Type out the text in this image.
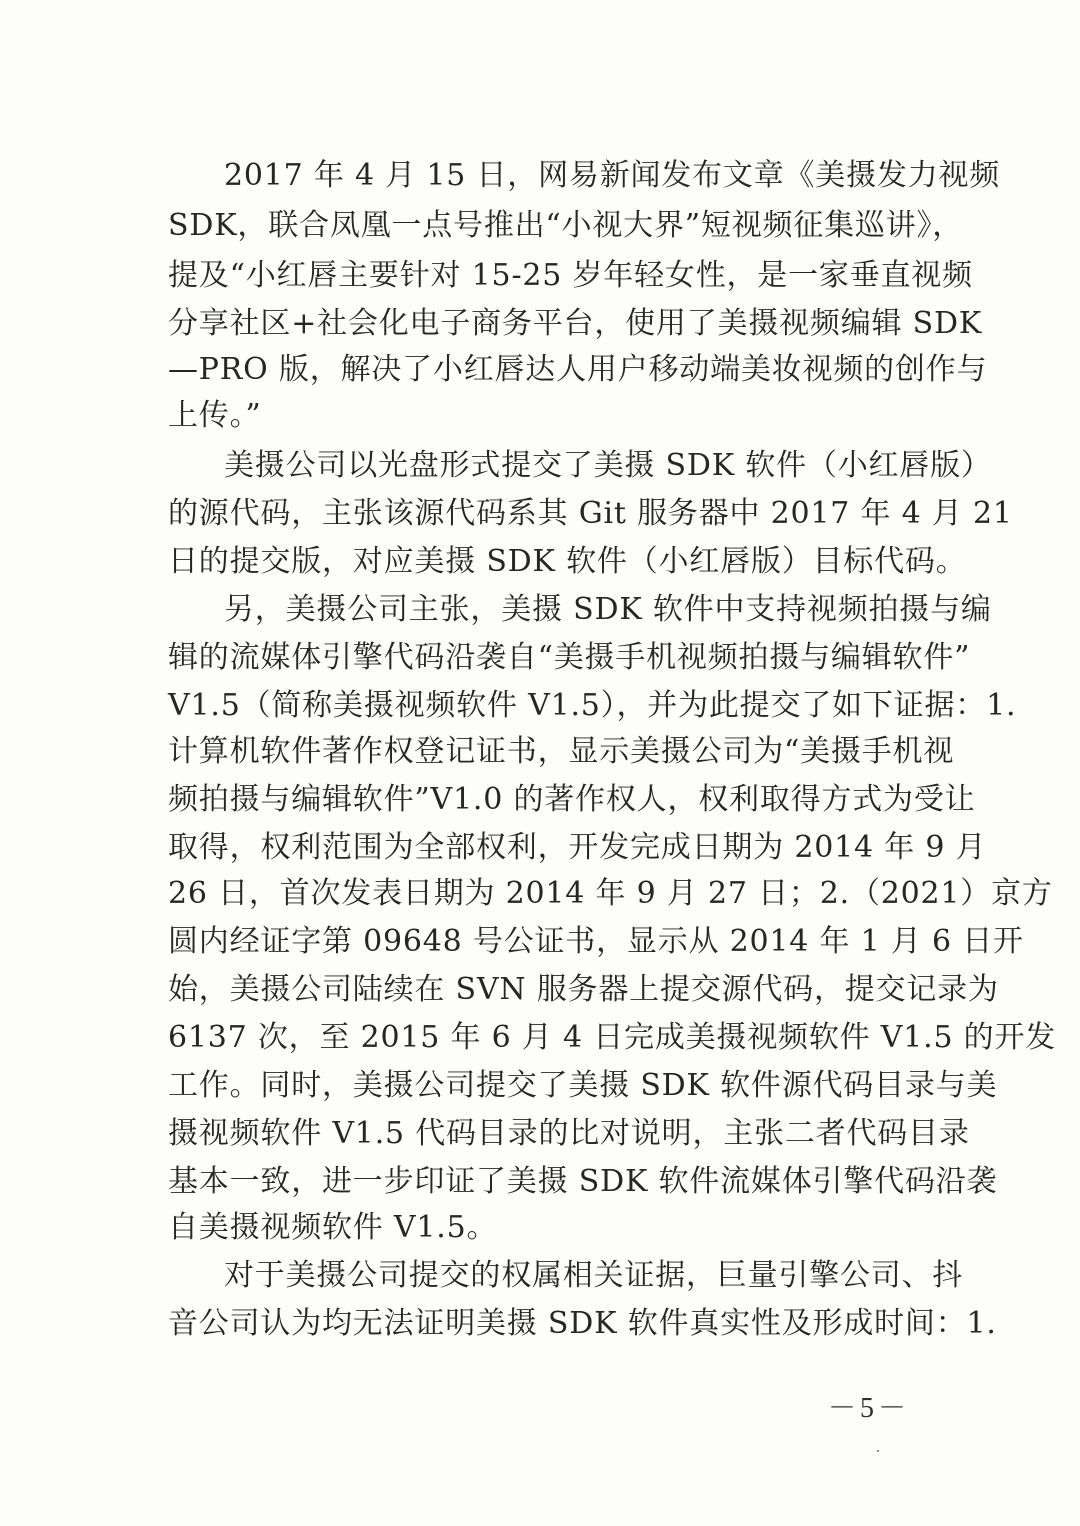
2017 年 4 月 15 日，网易新闻发布文章《美摄发力视频
SDK，联合凤凰一点号推出“小视大界”短视频征集巡讲》，
提及“小红唇主要针对 15-25 岁年轻女性，是一家垂直视频
分享社区+社会化电子商务平台，使用了美摄视频编辑 SDK
—PRO 版，解决了小红唇达人用户移动端美妆视频的创作与
上传。”
美摄公司以光盘形式提交了美摄 SDK 软件（小红唇版）
的源代码，主张该源代码系其 Git 服务器中 2017 年 4 月 21
日的提交版，对应美摄 SDK 软件（小红唇版）目标代码。
另，美摄公司主张，美摄 SDK 软件中支持视频拍摄与编
辑的流媒体引擎代码沿袭自“美摄手机视频拍摄与编辑软件”
V1.5（简称美摄视频软件 V1.5），并为此提交了如下证据：1.
计算机软件著作权登记证书，显示美摄公司为“美摄手机视
频拍摄与编辑软件”V1.0 的著作权人，权利取得方式为受让
取得，权利范围为全部权利，开发完成日期为 2014 年 9 月
26 日，首次发表日期为 2014 年 9 月 27 日；2.（2021）京方
圆内经证字第 09648 号公证书，显示从 2014 年 1 月 6 日开
始，美摄公司陆续在 SVN 服务器上提交源代码，提交记录为
6137 次，至 2015 年 6 月 4 日完成美摄视频软件 V1.5 的开发
工作。同时，美摄公司提交了美摄 SDK 软件源代码目录与美
摄视频软件 V1.5 代码目录的比对说明，主张二者代码目录
基本一致，进一步印证了美摄 SDK 软件流媒体引擎代码沿袭
自美摄视频软件 V1.5。
对于美摄公司提交的权属相关证据，巨量引擎公司、抖
音公司认为均无法证明美摄 SDK 软件真实性及形成时间：1.
－5－
